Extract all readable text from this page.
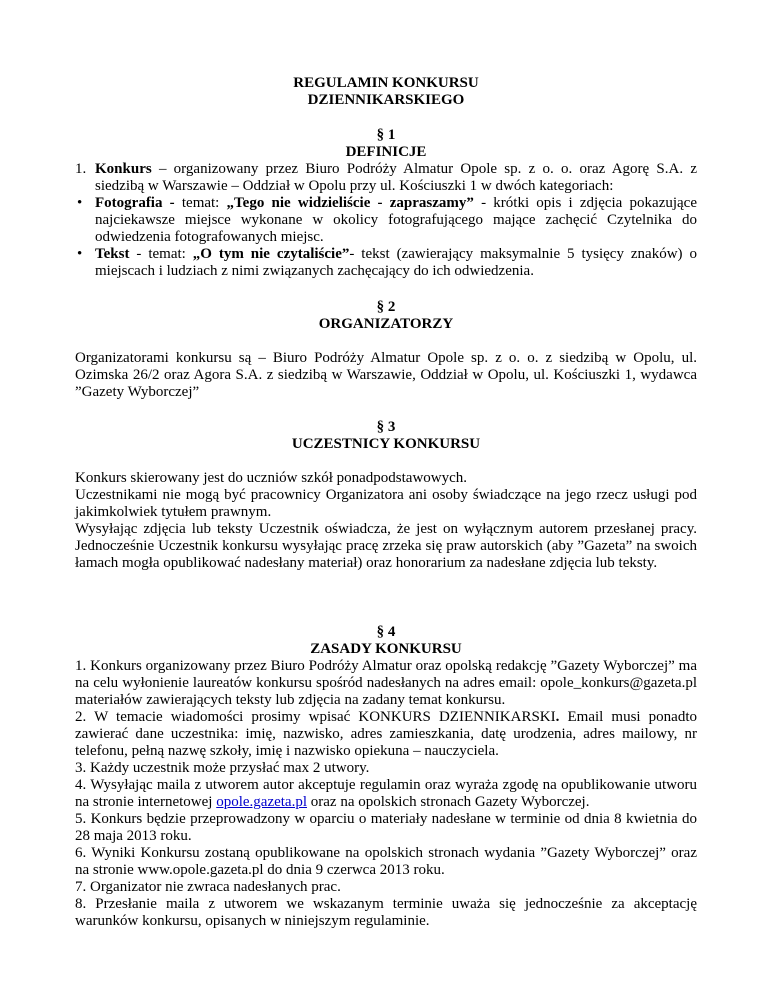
REGULAMIN KONKURSU
DZIENNIKARSKIEGO
§ 1
DEFINICJE
1. Konkurs – organizowany przez Biuro Podróży Almatur Opole sp. z o. o. oraz Agorę S.A. z siedzibą w Warszawie – Oddział w Opolu przy ul. Kościuszki 1 w dwóch kategoriach:
• Fotografia - temat: „Tego nie widzieliście - zapraszamy” - krótki opis i zdjęcia pokazujące najciekawsze miejsce wykonane w okolicy fotografującego mające zachęcić Czytelnika do odwiedzenia fotografowanych miejsc.
• Tekst - temat: „O tym nie czytaliście”- tekst (zawierający maksymalnie 5 tysięcy znaków) o miejscach i ludziach z nimi związanych zachęcający do ich odwiedzenia.
§ 2
ORGANIZATORZY
Organizatorami konkursu są – Biuro Podróży Almatur Opole sp. z o. o. z siedzibą w Opolu, ul. Ozimska 26/2 oraz Agora S.A. z siedzibą w Warszawie, Oddział w Opolu, ul. Kościuszki 1, wydawca ”Gazety Wyborczej”
§ 3
UCZESTNICY KONKURSU
Konkurs skierowany jest do uczniów szkół ponadpodstawowych.
Uczestnikami nie mogą być pracownicy Organizatora ani osoby świadczące na jego rzecz usługi pod jakimkolwiek tytułem prawnym.
Wysyłając zdjęcia lub teksty Uczestnik oświadcza, że jest on wyłącznym autorem przesłanej pracy. Jednocześnie Uczestnik konkursu wysyłając pracę zrzeka się praw autorskich (aby ”Gazeta” na swoich łamach mogła opublikować nadesłany materiał) oraz honorarium za nadesłane zdjęcia lub teksty.
§ 4
ZASADY KONKURSU
1. Konkurs organizowany przez Biuro Podróży Almatur oraz opolską redakcję ”Gazety Wyborczej” ma na celu wyłonienie laureatów konkursu spośród nadesłanych na adres email: opole_konkurs@gazeta.pl materiałów zawierających teksty lub zdjęcia na zadany temat konkursu.
2. W temacie wiadomości prosimy wpisać KONKURS DZIENNIKARSKI. Email musi ponadto zawierać dane uczestnika: imię, nazwisko, adres zamieszkania, datę urodzenia, adres mailowy, nr telefonu, pełną nazwę szkoły, imię i nazwisko opiekuna – nauczyciela.
3. Każdy uczestnik może przysłać max 2 utwory.
4. Wysyłając maila z utworem autor akceptuje regulamin oraz wyraża zgodę na opublikowanie utworu na stronie internetowej opole.gazeta.pl oraz na opolskich stronach Gazety Wyborczej.
5. Konkurs będzie przeprowadzony w oparciu o materiały nadesłane w terminie od dnia 8 kwietnia do 28 maja 2013 roku.
6. Wyniki Konkursu zostaną opublikowane na opolskich stronach wydania ”Gazety Wyborczej” oraz na stronie www.opole.gazeta.pl do dnia 9 czerwca 2013 roku.
7. Organizator nie zwraca nadesłanych prac.
8. Przesłanie maila z utworem we wskazanym terminie uważa się jednocześnie za akceptację warunków konkursu, opisanych w niniejszym regulaminie.
